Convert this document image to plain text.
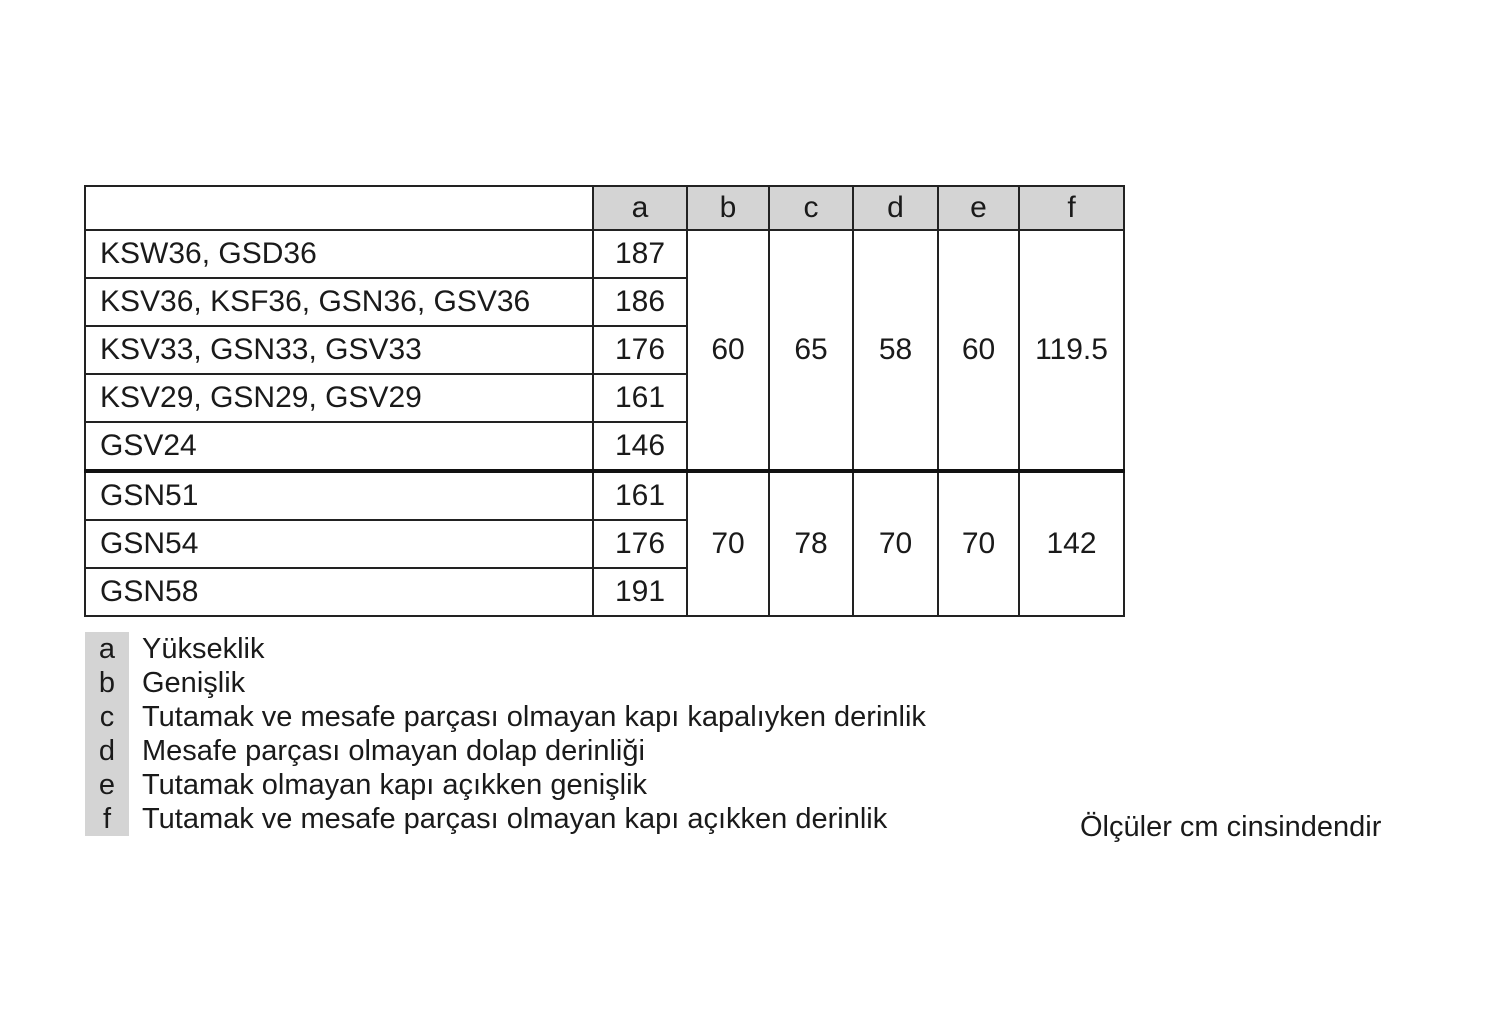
	a	b	c	d	e	f
KSW36, GSD36	187	60	65	58	60	119.5
KSV36, KSF36, GSN36, GSV36	186					
KSV33, GSN33, GSV33	176					
KSV29, GSN29, GSV29	161					
GSV24	146					
GSN51	161	70	78	70	70	142
GSN54	176					
GSN58	191					
a Yükseklik
b Genişlik
c Tutamak ve mesafe parçası olmayan kapı kapalıyken derinlik
d Mesafe parçası olmayan dolap derinliği
e Tutamak olmayan kapı açıkken genişlik
f	Tutamak ve mesafe parçası olmayan kapı açıkken derinlik	Ölçüler cm cinsindendir
